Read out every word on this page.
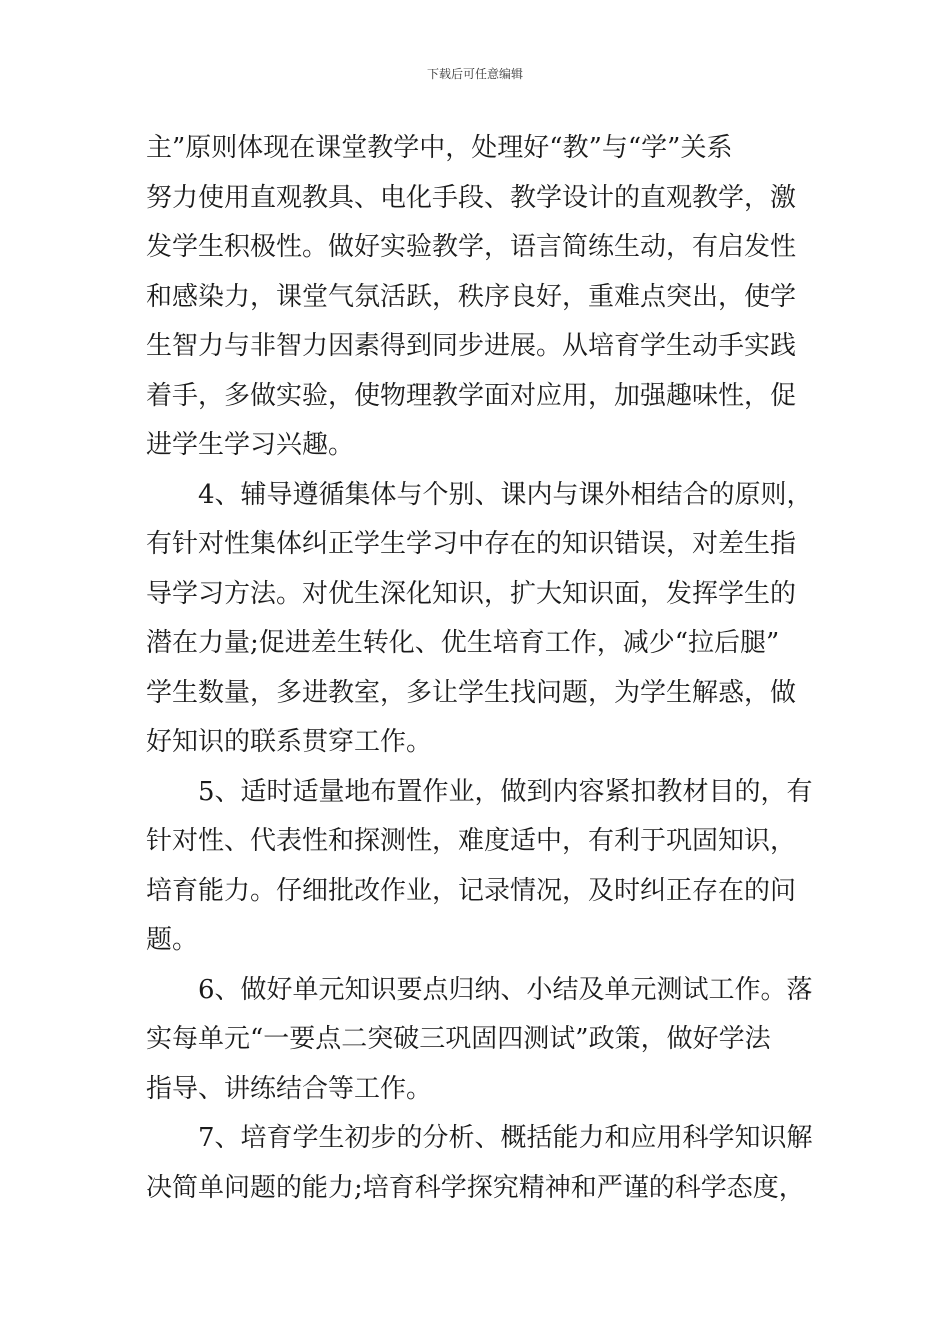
下载后可任意编辑
主”原则体现在课堂教学中，处理好“教”与“学”关系
努力使用直观教具、电化手段、教学设计的直观教学，激
发学生积极性。做好实验教学，语言简练生动，有启发性
和感染力，课堂气氛活跃，秩序良好，重难点突出，使学
生智力与非智力因素得到同步进展。从培育学生动手实践
着手，多做实验，使物理教学面对应用，加强趣味性，促
进学生学习兴趣。
4、辅导遵循集体与个别、课内与课外相结合的原则，
有针对性集体纠正学生学习中存在的知识错误，对差生指
导学习方法。对优生深化知识，扩大知识面，发挥学生的
潜在力量;促进差生转化、优生培育工作，减少“拉后腿”
学生数量，多进教室，多让学生找问题，为学生解惑，做
好知识的联系贯穿工作。
5、适时适量地布置作业，做到内容紧扣教材目的，有
针对性、代表性和探测性，难度适中，有利于巩固知识，
培育能力。仔细批改作业，记录情况，及时纠正存在的问
题。
6、做好单元知识要点归纳、小结及单元测试工作。落
实每单元“一要点二突破三巩固四测试”政策，做好学法
指导、讲练结合等工作。
7、培育学生初步的分析、概括能力和应用科学知识解
决简单问题的能力;培育科学探究精神和严谨的科学态度，
